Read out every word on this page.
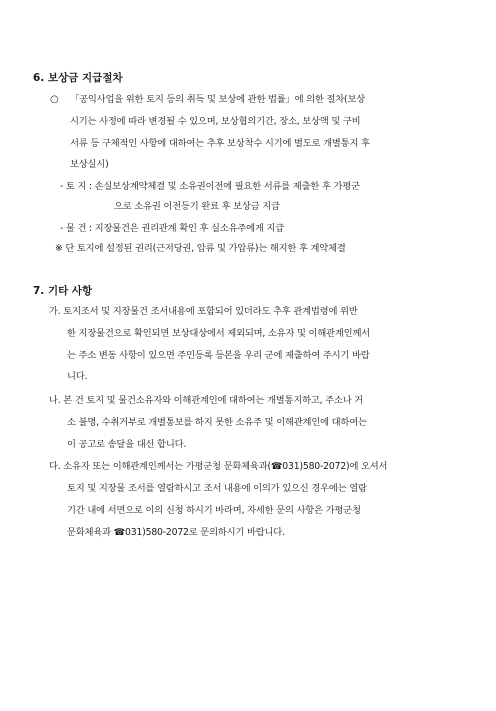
6. 보상금 지급절차
○ 「공익사업을 위한 토지 등의 취득 및 보상에 관한 법률」에 의한 절차(보상
시기는 사정에 따라 변경될 수 있으며, 보상협의기간, 장소, 보상액 및 구비
서류 등 구체적인 사항에 대하여는 추후 보상착수 시기에 별도로 개별통지 후
보상실시)
- 토 지 : 손실보상계약체결 및 소유권이전에 필요한 서류를 제출한 후 가평군
으로 소유권 이전등기 완료 후 보상금 지급
- 물 건 : 지장물건은 권리관계 확인 후 실소유주에게 지급
※ 단 토지에 설정된 권리(근저당권, 압류 및 가압류)는 해지한 후 계약체결
7. 기타 사항
가. 토지조서 및 지장물건 조서내용에 포함되어 있더라도 추후 관계법령에 위반
한 지장물건으로 확인되면 보상대상에서 제외되며, 소유자 및 이해관계인께서
는 주소 변동 사항이 있으면 주민등록 등본을 우리 군에 제출하여 주시기 바랍
니다.
나. 본 건 토지 및 물건소유자와 이해관계인에 대하여는 개별통지하고, 주소나 거
소 불명, 수취거부로 개별통보를 하지 못한 소유주 및 이해관계인에 대하여는
이 공고로 송달을 대신 합니다.
다. 소유자 또는 이해관계인께서는 가평군청 문화체육과(☎031)580-2072)에 오셔서
토지 및 지장물 조서를 열람하시고 조서 내용에 이의가 있으신 경우에는 열람
기간 내에 서면으로 이의 신청 하시기 바라며, 자세한 문의 사항은 가평군청
문화체육과 ☎031)580-2072로 문의하시기 바랍니다.
